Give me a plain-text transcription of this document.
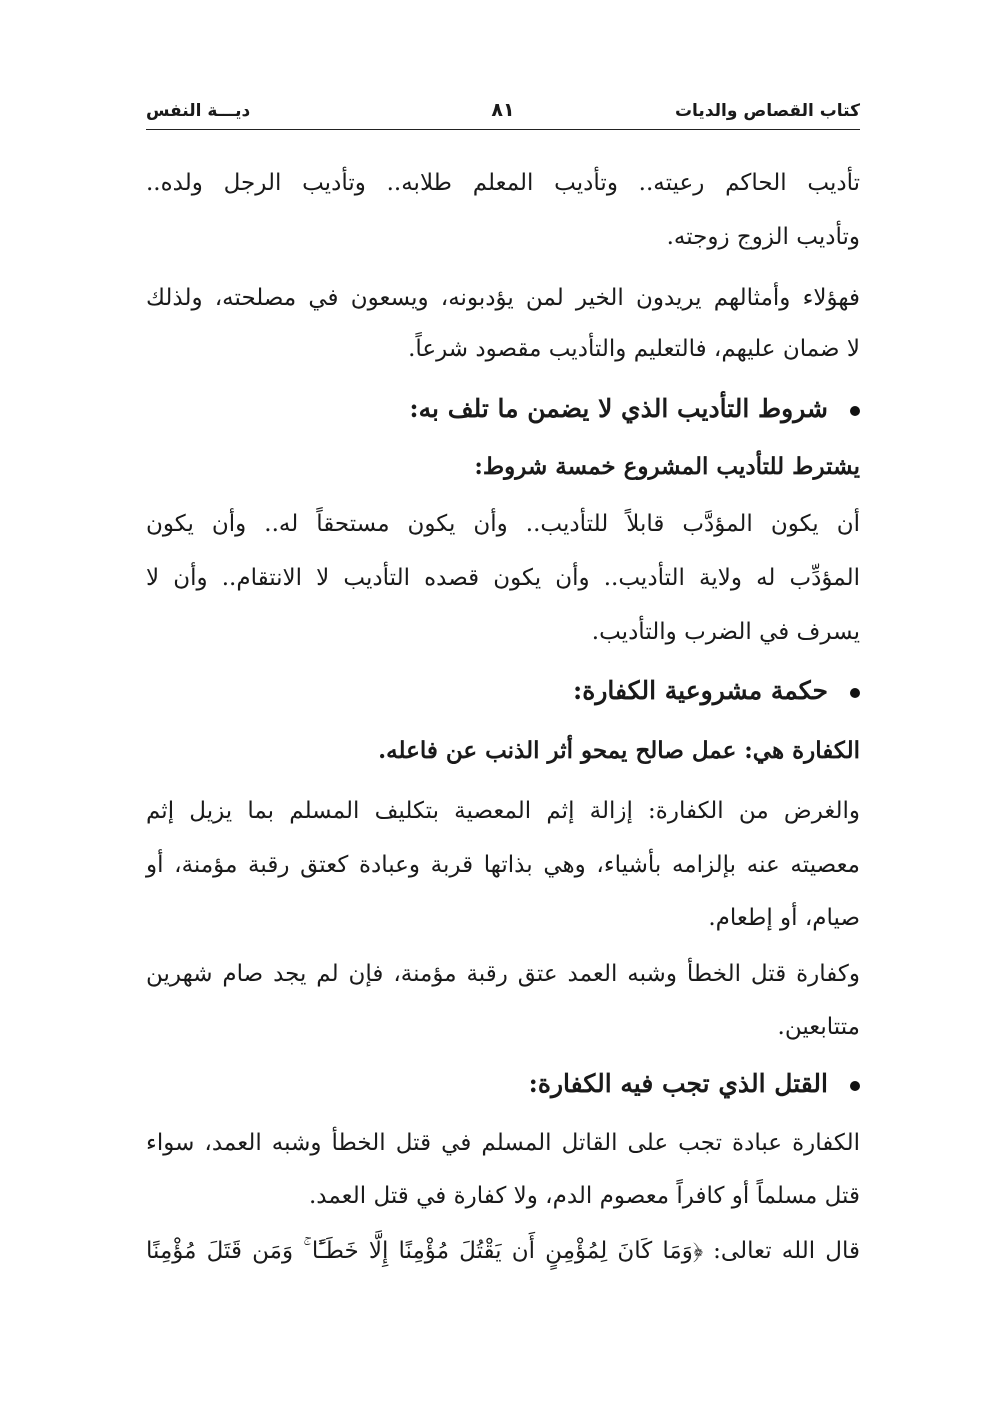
كتاب القصاص والديات
٨١
ديـــة النفس
تأديب الحاكم رعيته.. وتأديب المعلم طلابه.. وتأديب الرجل ولده..
وتأديب الزوج زوجته.
فهؤلاء وأمثالهم يريدون الخير لمن يؤدبونه، ويسعون في مصلحته، ولذلك
لا ضمان عليهم، فالتعليم والتأديب مقصود شرعاً.
شروط التأديب الذي لا يضمن ما تلف به:
يشترط للتأديب المشروع خمسة شروط:
أن يكون المؤدَّب قابلاً للتأديب.. وأن يكون مستحقاً له.. وأن يكون
المؤدِّب له ولاية التأديب.. وأن يكون قصده التأديب لا الانتقام.. وأن لا
يسرف في الضرب والتأديب.
حكمة مشروعية الكفارة:
الكفارة هي: عمل صالح يمحو أثر الذنب عن فاعله.
والغرض من الكفارة: إزالة إثم المعصية بتكليف المسلم بما يزيل إثم
معصيته عنه بإلزامه بأشياء، وهي بذاتها قربة وعبادة كعتق رقبة مؤمنة، أو
صيام، أو إطعام.
وكفارة قتل الخطأ وشبه العمد عتق رقبة مؤمنة، فإن لم يجد صام شهرين
متتابعين.
القتل الذي تجب فيه الكفارة:
الكفارة عبادة تجب على القاتل المسلم في قتل الخطأ وشبه العمد، سواء
قتل مسلماً أو كافراً معصوم الدم، ولا كفارة في قتل العمد.
قال الله تعالى: ﴿وَمَا كَانَ لِمُؤْمِنٍ أَن يَقْتُلَ مُؤْمِنًا إِلَّا خَطَـًٔا ۚ وَمَن قَتَلَ مُؤْمِنًا
